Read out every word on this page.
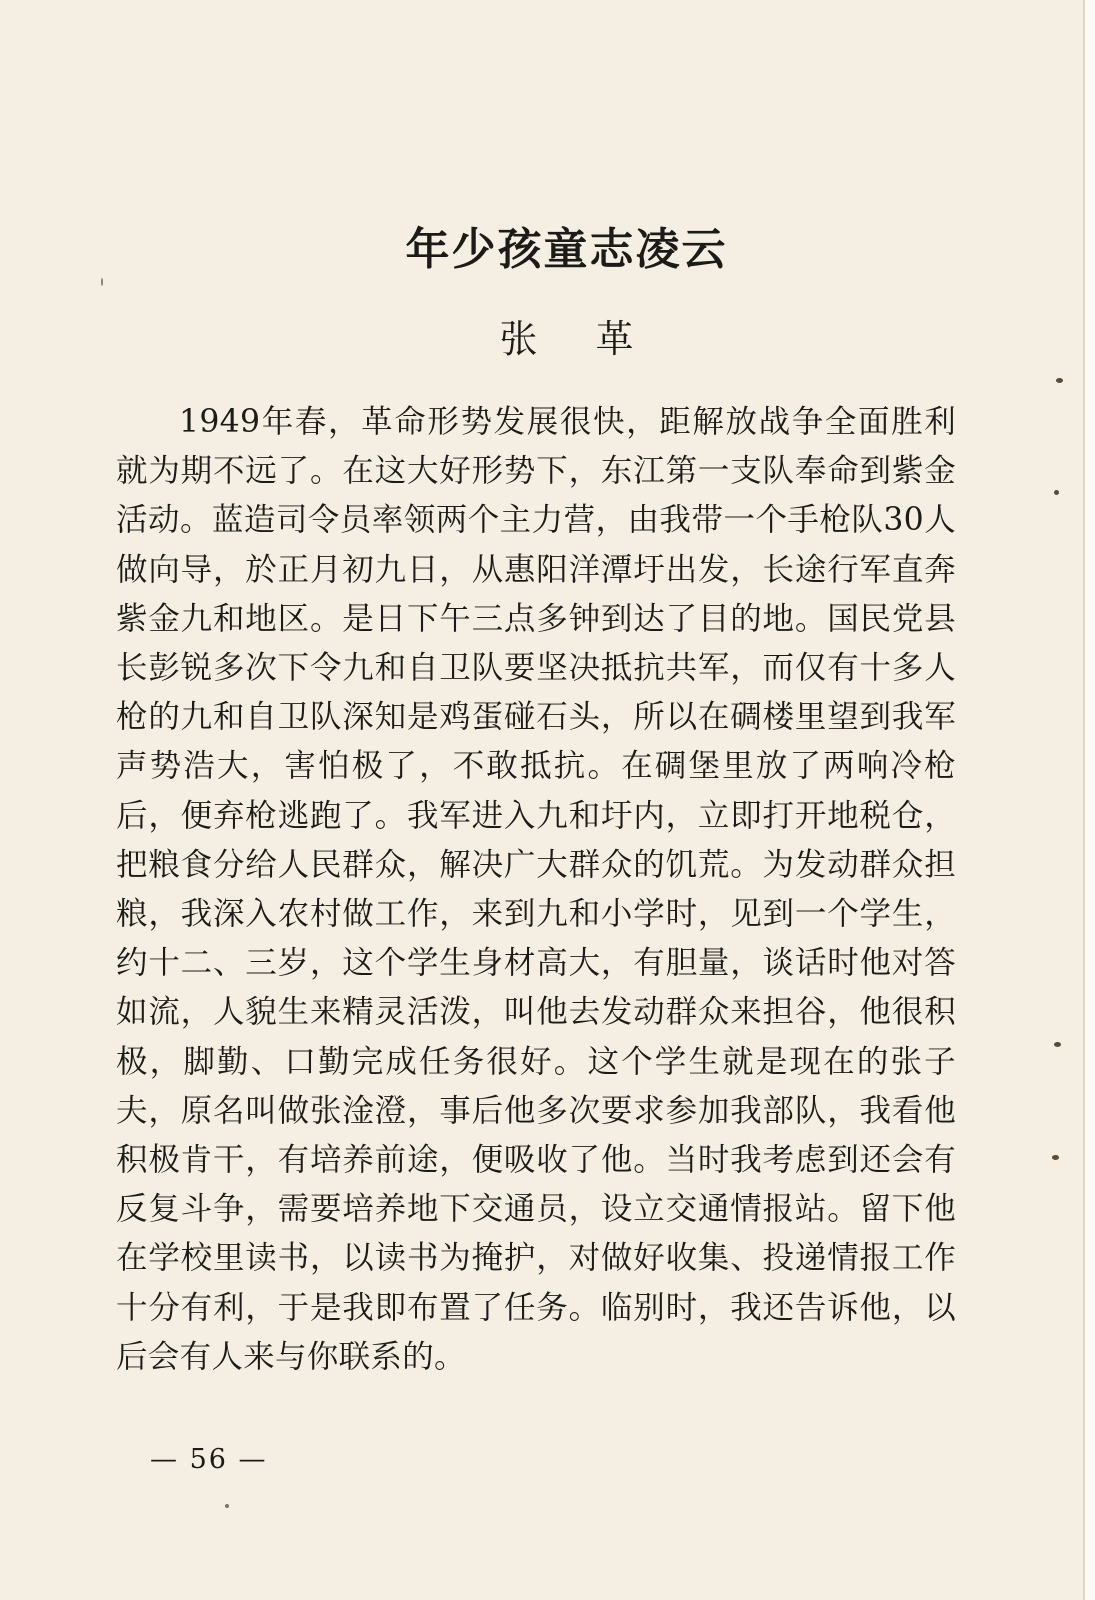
年少孩童志凌云
张革

1949年春，革命形势发展很快，距解放战争全面胜利就为期不远了。在这大好形势下，东江第一支队奉命到紫金活动。蓝造司令员率领两个主力营，由我带一个手枪队30人做向导，於正月初九日，从惠阳洋潭圩出发，长途行军直奔紫金九和地区。是日下午三点多钟到达了目的地。国民党县长彭锐多次下令九和自卫队要坚决抵抗共军，而仅有十多人枪的九和自卫队深知是鸡蛋碰石头，所以在碉楼里望到我军声势浩大，害怕极了，不敢抵抗。在碉堡里放了两响冷枪后，便弃枪逃跑了。我军进入九和圩内，立即打开地税仓，把粮食分给人民群众，解决广大群众的饥荒。为发动群众担粮，我深入农村做工作，来到九和小学时，见到一个学生，约十二、三岁，这个学生身材高大，有胆量，谈话时他对答如流，人貌生来精灵活泼，叫他去发动群众来担谷，他很积极，脚勤、口勤完成任务很好。这个学生就是现在的张子夫，原名叫做张淦澄，事后他多次要求参加我部队，我看他积极肯干，有培养前途，便吸收了他。当时我考虑到还会有反复斗争，需要培养地下交通员，设立交通情报站。留下他在学校里读书，以读书为掩护，对做好收集、投递情报工作十分有利，于是我即布置了任务。临别时，我还告诉他，以后会有人来与你联系的。

— 56 —
